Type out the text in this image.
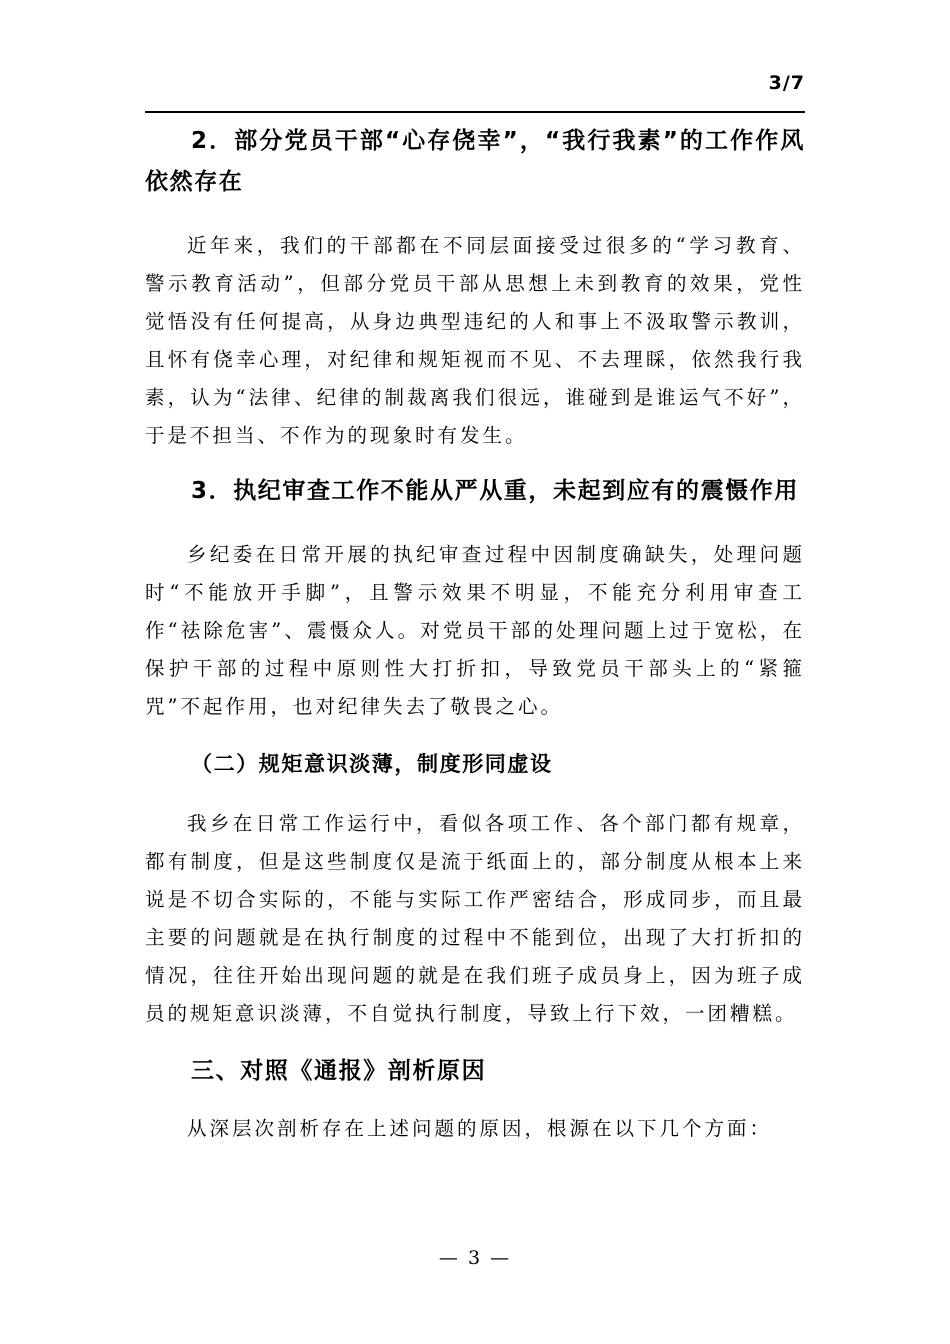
3/7

2．部分党员干部“心存侥幸”，“我行我素”的工作作风依然存在

近年来，我们的干部都在不同层面接受过很多的“学习教育、警示教育活动”，但部分党员干部从思想上未到教育的效果，党性觉悟没有任何提高，从身边典型违纪的人和事上不汲取警示教训，且怀有侥幸心理，对纪律和规矩视而不见、不去理睬，依然我行我素，认为“法律、纪律的制裁离我们很远，谁碰到是谁运气不好”，于是不担当、不作为的现象时有发生。

3．执纪审查工作不能从严从重，未起到应有的震慑作用

乡纪委在日常开展的执纪审查过程中因制度确缺失，处理问题时“不能放开手脚”，且警示效果不明显，不能充分利用审查工作“祛除危害”、震慑众人。对党员干部的处理问题上过于宽松，在保护干部的过程中原则性大打折扣，导致党员干部头上的“紧箍咒”不起作用，也对纪律失去了敬畏之心。

（二）规矩意识淡薄，制度形同虚设

我乡在日常工作运行中，看似各项工作、各个部门都有规章，都有制度，但是这些制度仅是流于纸面上的，部分制度从根本上来说是不切合实际的，不能与实际工作严密结合，形成同步，而且最主要的问题就是在执行制度的过程中不能到位，出现了大打折扣的情况，往往开始出现问题的就是在我们班子成员身上，因为班子成员的规矩意识淡薄，不自觉执行制度，导致上行下效，一团糟糕。

三、对照《通报》剖析原因

从深层次剖析存在上述问题的原因，根源在以下几个方面：

— 3 —
